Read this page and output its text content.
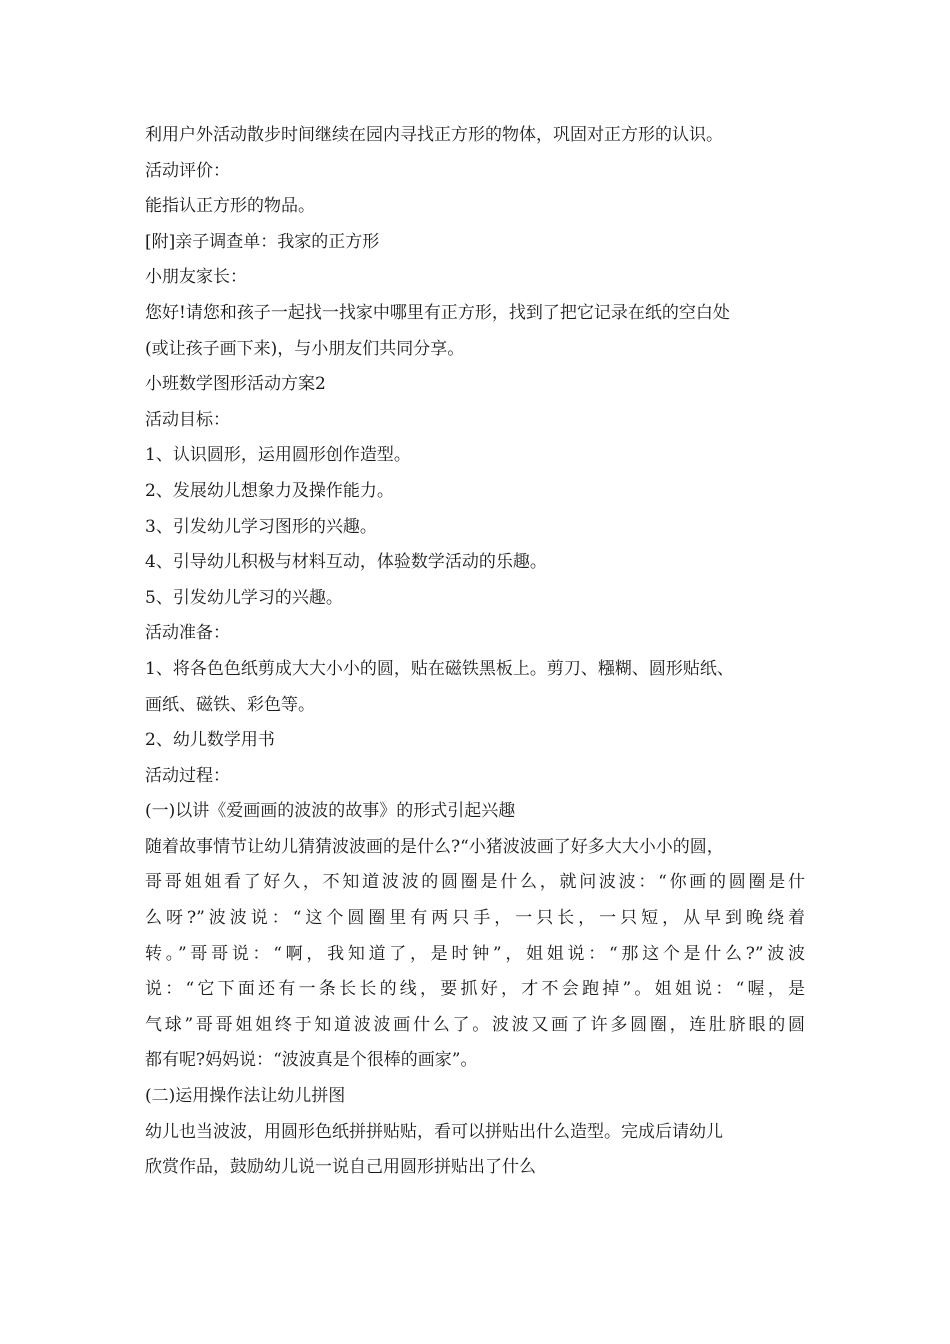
利用户外活动散步时间继续在园内寻找正方形的物体，巩固对正方形的认识。
活动评价：
能指认正方形的物品。
[附]亲子调查单：我家的正方形
小朋友家长：
您好!请您和孩子一起找一找家中哪里有正方形，找到了把它记录在纸的空白处
(或让孩子画下来)，与小朋友们共同分享。
小班数学图形活动方案2
活动目标：
1、认识圆形，运用圆形创作造型。
2、发展幼儿想象力及操作能力。
3、引发幼儿学习图形的兴趣。
4、引导幼儿积极与材料互动，体验数学活动的乐趣。
5、引发幼儿学习的兴趣。
活动准备：
1、将各色色纸剪成大大小小的圆，贴在磁铁黑板上。剪刀、糨糊、圆形贴纸、
画纸、磁铁、彩色等。
2、幼儿数学用书
活动过程：
(一)以讲《爱画画的波波的故事》的形式引起兴趣
随着故事情节让幼儿猜猜波波画的是什么?“小猪波波画了好多大大小小的圆，
哥哥姐姐看了好久，不知道波波的圆圈是什么，就问波波：“你画的圆圈是什
么呀?”波波说：“这个圆圈里有两只手，一只长，一只短，从早到晚绕着
转。”哥哥说：“啊，我知道了，是时钟”，姐姐说：“那这个是什么?”波波
说：“它下面还有一条长长的线，要抓好，才不会跑掉”。姐姐说：“喔，是
气球”哥哥姐姐终于知道波波画什么了。波波又画了许多圆圈，连肚脐眼的圆
都有呢?妈妈说：“波波真是个很棒的画家”。
(二)运用操作法让幼儿拼图
幼儿也当波波，用圆形色纸拼拼贴贴，看可以拼贴出什么造型。完成后请幼儿
欣赏作品，鼓励幼儿说一说自己用圆形拼贴出了什么
